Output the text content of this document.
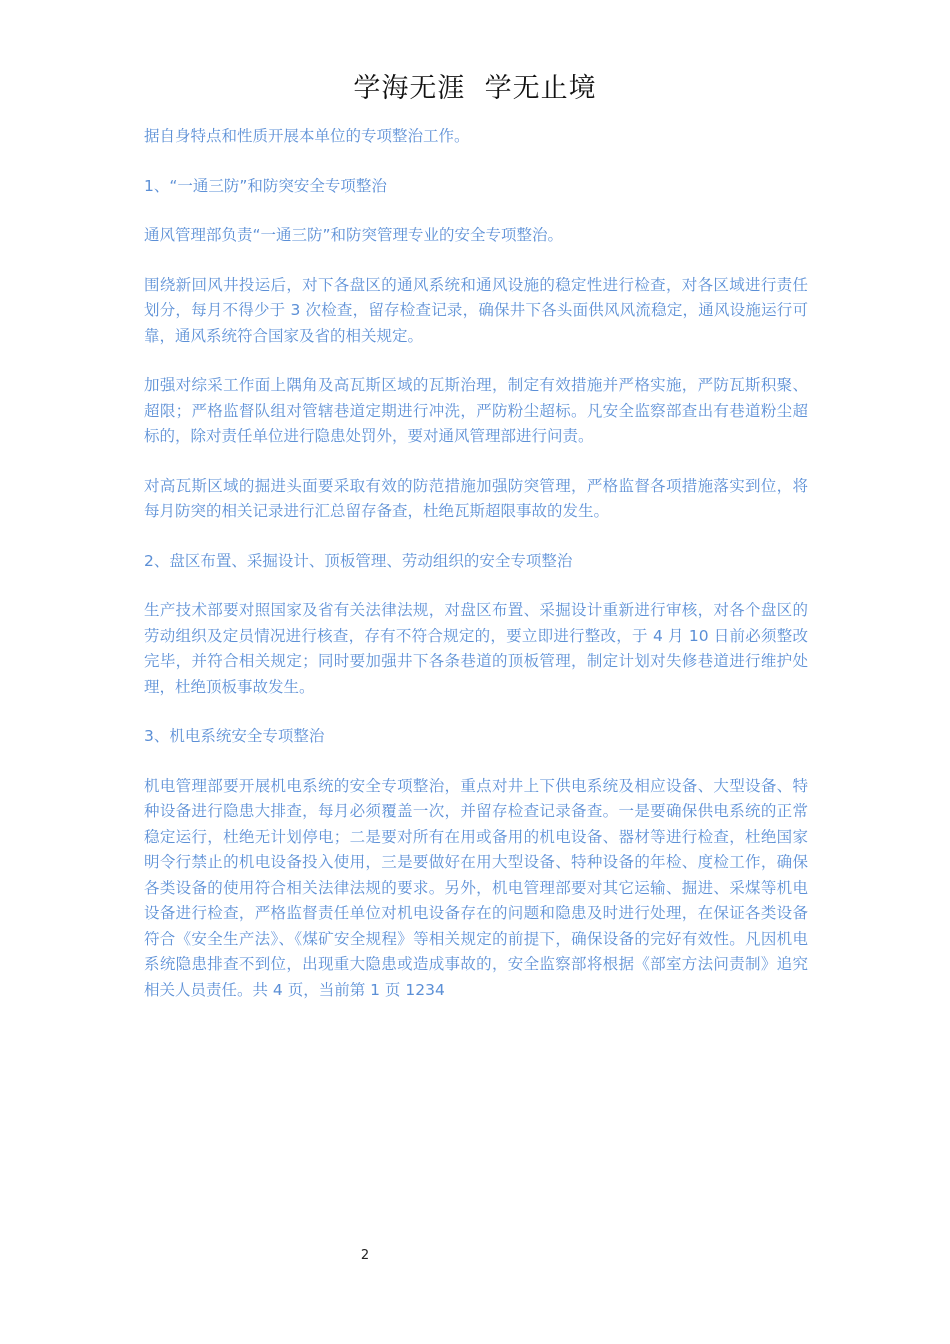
学海无涯  学无止境

据自身特点和性质开展本单位的专项整治工作。

1、“一通三防”和防突安全专项整治

通风管理部负责“一通三防”和防突管理专业的安全专项整治。

围绕新回风井投运后，对下各盘区的通风系统和通风设施的稳定性进行检查，对各区域进行责任划分，每月不得少于 3 次检查，留存检查记录，确保井下各头面供风风流稳定，通风设施运行可靠，通风系统符合国家及省的相关规定。

加强对综采工作面上隅角及高瓦斯区域的瓦斯治理，制定有效措施并严格实施，严防瓦斯积聚、超限；严格监督队组对管辖巷道定期进行冲洗，严防粉尘超标。凡安全监察部查出有巷道粉尘超标的，除对责任单位进行隐患处罚外，要对通风管理部进行问责。

对高瓦斯区域的掘进头面要采取有效的防范措施加强防突管理，严格监督各项措施落实到位，将每月防突的相关记录进行汇总留存备查，杜绝瓦斯超限事故的发生。

2、盘区布置、采掘设计、顶板管理、劳动组织的安全专项整治

生产技术部要对照国家及省有关法律法规，对盘区布置、采掘设计重新进行审核，对各个盘区的劳动组织及定员情况进行核查，存有不符合规定的，要立即进行整改，于 4 月 10 日前必须整改完毕，并符合相关规定；同时要加强井下各条巷道的顶板管理，制定计划对失修巷道进行维护处理，杜绝顶板事故发生。

3、机电系统安全专项整治

机电管理部要开展机电系统的安全专项整治，重点对井上下供电系统及相应设备、大型设备、特种设备进行隐患大排查，每月必须覆盖一次，并留存检查记录备查。一是要确保供电系统的正常稳定运行，杜绝无计划停电；二是要对所有在用或备用的机电设备、器材等进行检查，杜绝国家明令行禁止的机电设备投入使用，三是要做好在用大型设备、特种设备的年检、度检工作，确保各类设备的使用符合相关法律法规的要求。另外，机电管理部要对其它运输、掘进、采煤等机电设备进行检查，严格监督责任单位对机电设备存在的问题和隐患及时进行处理，在保证各类设备符合《安全生产法》、《煤矿安全规程》等相关规定的前提下，确保设备的完好有效性。凡因机电系统隐患排查不到位，出现重大隐患或造成事故的，安全监察部将根据《部室方法问责制》追究相关人员责任。共 4 页，当前第 1 页 1234

2
